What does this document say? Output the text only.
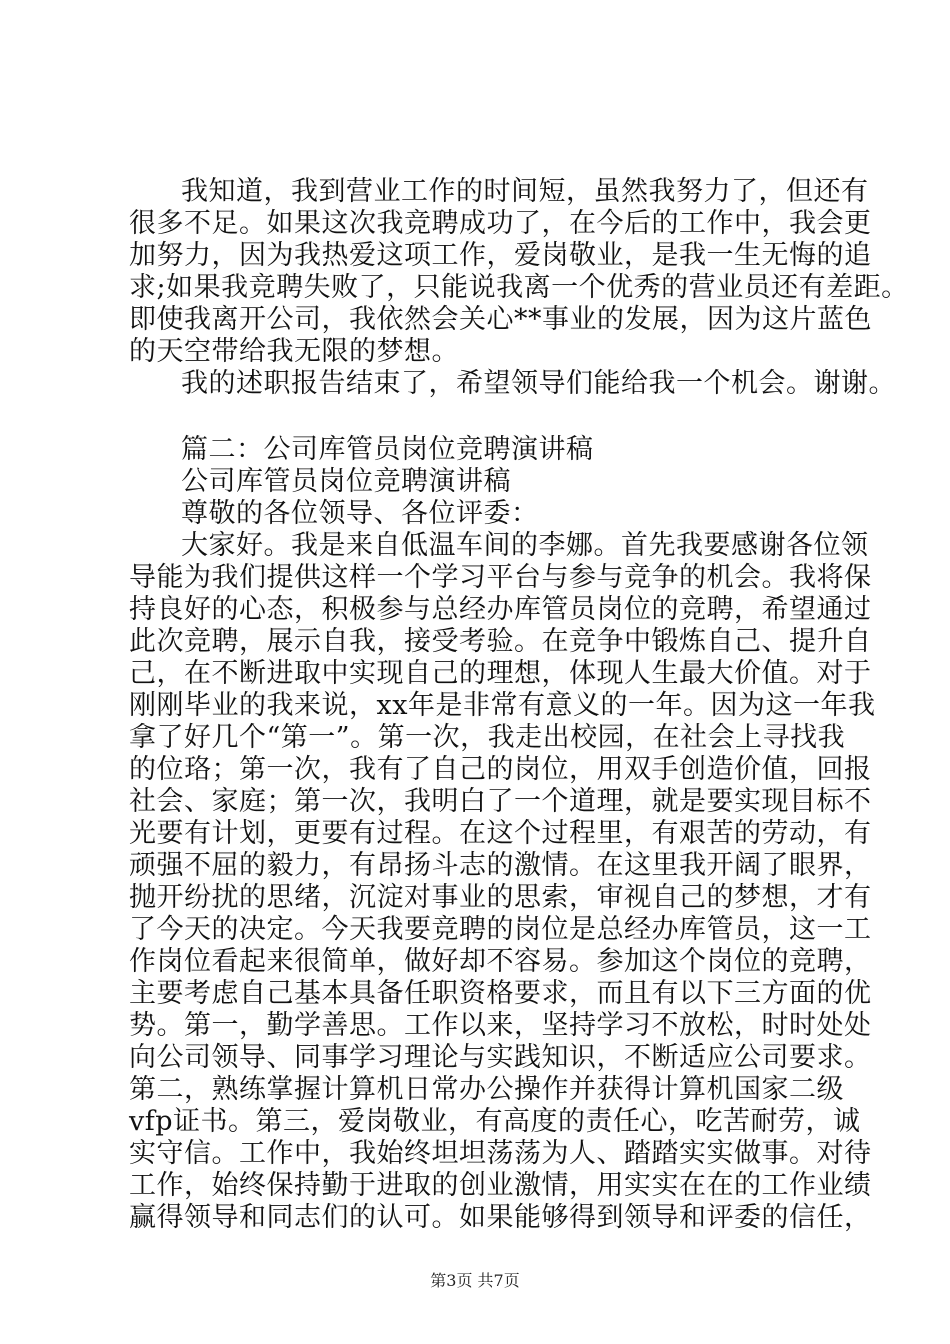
我知道，我到营业工作的时间短，虽然我努力了，但还有
很多不足。如果这次我竞聘成功了，在今后的工作中，我会更
加努力，因为我热爱这项工作，爱岗敬业，是我一生无悔的追
求;如果我竞聘失败了，只能说我离一个优秀的营业员还有差距。
即使我离开公司，我依然会关心**事业的发展，因为这片蓝色
的天空带给我无限的梦想。
我的述职报告结束了，希望领导们能给我一个机会。谢谢。
篇二：公司库管员岗位竞聘演讲稿
公司库管员岗位竞聘演讲稿
尊敬的各位领导、各位评委：
大家好。我是来自低温车间的李娜。首先我要感谢各位领
导能为我们提供这样一个学习平台与参与竞争的机会。我将保
持良好的心态，积极参与总经办库管员岗位的竞聘，希望通过
此次竞聘，展示自我，接受考验。在竞争中锻炼自己、提升自
己，在不断进取中实现自己的理想，体现人生最大价值。对于
刚刚毕业的我来说，xx年是非常有意义的一年。因为这一年我
拿了好几个“第一”。第一次，我走出校园，在社会上寻找我
的位珞；第一次，我有了自己的岗位，用双手创造价值，回报
社会、家庭；第一次，我明白了一个道理，就是要实现目标不
光要有计划，更要有过程。在这个过程里，有艰苦的劳动，有
顽强不屈的毅力，有昂扬斗志的激情。在这里我开阔了眼界，
抛开纷扰的思绪，沉淀对事业的思索，审视自己的梦想，才有
了今天的决定。今天我要竞聘的岗位是总经办库管员，这一工
作岗位看起来很简单，做好却不容易。参加这个岗位的竞聘，
主要考虑自己基本具备任职资格要求，而且有以下三方面的优
势。第一，勤学善思。工作以来，坚持学习不放松，时时处处
向公司领导、同事学习理论与实践知识，不断适应公司要求。
第二，熟练掌握计算机日常办公操作并获得计算机国家二级
vfp证书。第三，爱岗敬业，有高度的责任心，吃苦耐劳，诚
实守信。工作中，我始终坦坦荡荡为人、踏踏实实做事。对待
工作，始终保持勤于进取的创业激情，用实实在在的工作业绩
赢得领导和同志们的认可。如果能够得到领导和评委的信任，
第3页 共7页
